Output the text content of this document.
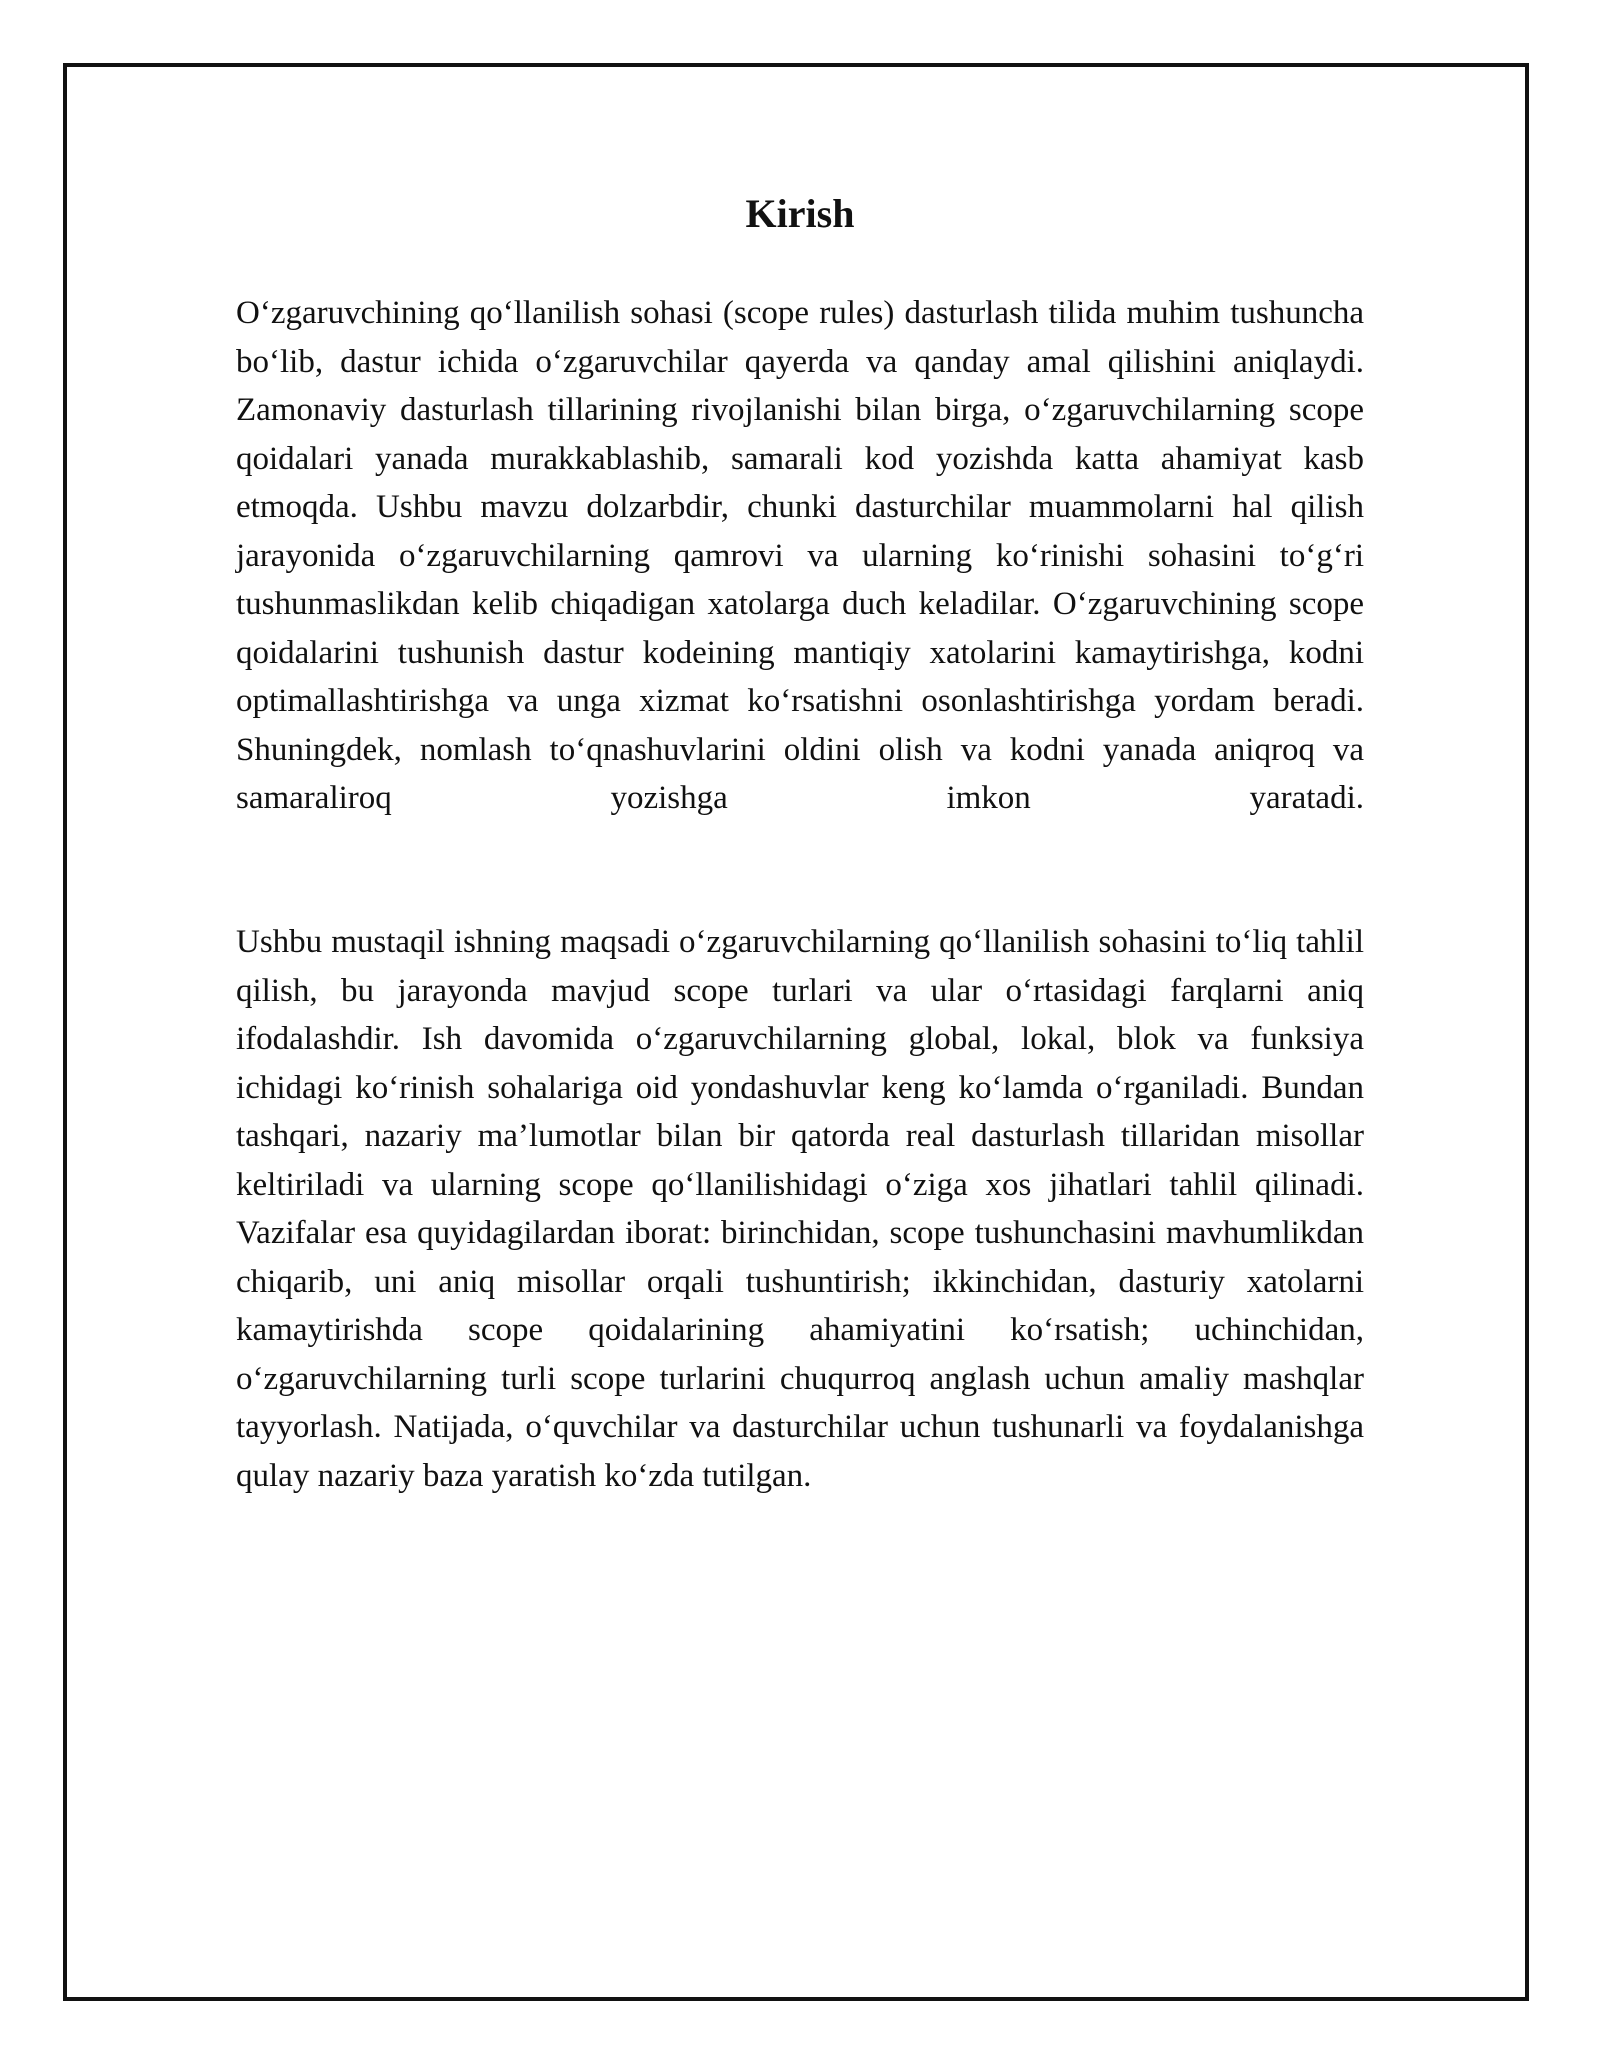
Kirish

O‘zgaruvchining qo‘llanilish sohasi (scope rules) dasturlash tilida muhim tushuncha bo‘lib, dastur ichida o‘zgaruvchilar qayerda va qanday amal qilishini aniqlaydi. Zamonaviy dasturlash tillarining rivojlanishi bilan birga, o‘zgaruvchilarning scope qoidalari yanada murakkablashib, samarali kod yozishda katta ahamiyat kasb etmoqda. Ushbu mavzu dolzarbdir, chunki dasturchilar muammolarni hal qilish jarayonida o‘zgaruvchilarning qamrovi va ularning ko‘rinishi sohasini to‘g‘ri tushunmaslikdan kelib chiqadigan xatolarga duch keladilar. O‘zgaruvchining scope qoidalarini tushunish dastur kodeining mantiqiy xatolarini kamaytirishga, kodni optimallashtirishga va unga xizmat ko‘rsatishni osonlashtirishga yordam beradi. Shuningdek, nomlash to‘qnashuvlarini oldini olish va kodni yanada aniqroq va samaraliroq yozishga imkon yaratadi.

Ushbu mustaqil ishning maqsadi o‘zgaruvchilarning qo‘llanilish sohasini to‘liq tahlil qilish, bu jarayonda mavjud scope turlari va ular o‘rtasidagi farqlarni aniq ifodalashdir. Ish davomida o‘zgaruvchilarning global, lokal, blok va funksiya ichidagi ko‘rinish sohalariga oid yondashuvlar keng ko‘lamda o‘rganiladi. Bundan tashqari, nazariy ma’lumotlar bilan bir qatorda real dasturlash tillaridan misollar keltiriladi va ularning scope qo‘llanilishidagi o‘ziga xos jihatlari tahlil qilinadi. Vazifalar esa quyidagilardan iborat: birinchidan, scope tushunchasini mavhumlikdan chiqarib, uni aniq misollar orqali tushuntirish; ikkinchidan, dasturiy xatolarni kamaytirishda scope qoidalarining ahamiyatini ko‘rsatish; uchinchidan, o‘zgaruvchilarning turli scope turlarini chuqurroq anglash uchun amaliy mashqlar tayyorlash. Natijada, o‘quvchilar va dasturchilar uchun tushunarli va foydalanishga qulay nazariy baza yaratish ko‘zda tutilgan.
